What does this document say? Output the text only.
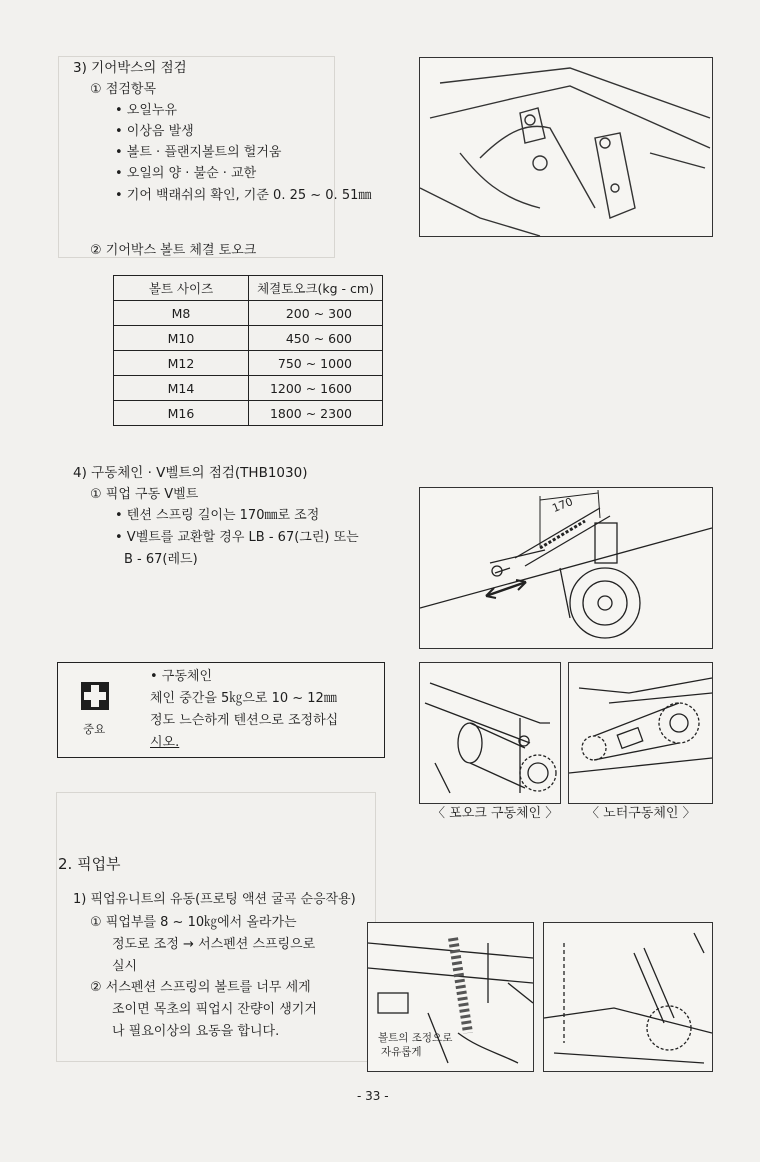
3) 기어박스의 점검
① 점검항목
• 오일누유
• 이상음 발생
• 볼트 · 플랜지볼트의 헐거움
• 오일의 양 · 불순 · 교한
• 기어 백래쉬의 확인, 기준 0. 25 ~ 0. 51㎜
② 기어박스 볼트 체결 토오크
볼트 사이즈	체결토오크(kg - cm)
M8	200 ~ 300
M10	450 ~ 600
M12	750 ~ 1000
M14	1200 ~ 1600
M16	1800 ~ 2300
4) 구동체인 · V벨트의 점검(THB1030)
① 픽업 구동 V벨트
• 텐션 스프링 길이는 170㎜로 조정
• V벨트를 교환할 경우 LB - 67(그린) 또는
B - 67(레드)
170
중요
• 구동체인
체인 중간을 5㎏으로 10 ~ 12㎜
정도 느슨하게 텐션으로 조정하십
시오.
〈 포오크 구동체인 〉 〈 노터구동체인 〉
2. 픽업부
1) 픽업유니트의 유동(프로팅 액션 굴곡 순응작용)
① 픽업부를 8 ~ 10㎏에서 올라가는
정도로 조정 → 서스펜션 스프링으로
실시
② 서스펜션 스프링의 볼트를 너무 세게
조이면 목초의 픽업시 잔량이 생기거
나 필요이상의 요동을 합니다.	볼트의 조정으로
자유롭게
- 33 -
